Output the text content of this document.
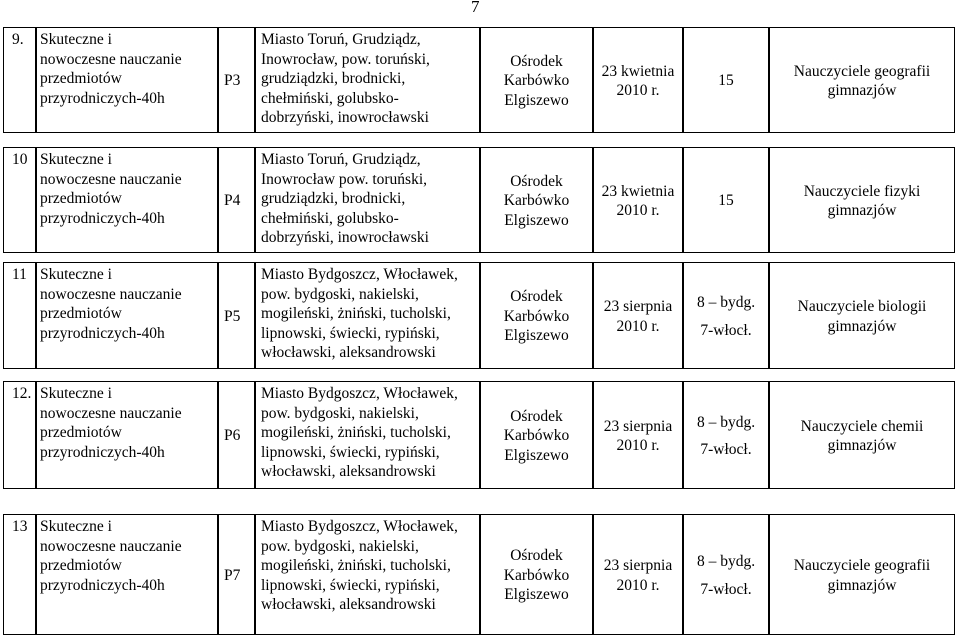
7
9. Skuteczne i
nowoczesne nauczanie
przedmiotów
przyrodniczych-40h
P3
Miasto Toruń, Grudziądz,
Inowrocław, pow. toruński,
grudziądzki, brodnicki,
chełmiński, golubsko-
dobrzyński, inowrocławski
Ośrodek
Karbówko
Elgiszewo
23 kwietnia
2010 r.
15
Nauczyciele geografii
gimnazjów
10 Skuteczne i
nowoczesne nauczanie
przedmiotów
przyrodniczych-40h
P4
Miasto Toruń, Grudziądz,
Inowrocław pow. toruński,
grudziądzki, brodnicki,
chełmiński, golubsko-
dobrzyński, inowrocławski
Ośrodek
Karbówko
Elgiszewo
23 kwietnia
2010 r.
15
Nauczyciele fizyki
gimnazjów
11 Skuteczne i
nowoczesne nauczanie
przedmiotów
przyrodniczych-40h
P5
Miasto Bydgoszcz, Włocławek,
pow. bydgoski, nakielski,
mogileński, żniński, tucholski,
lipnowski, świecki, rypiński,
włocławski, aleksandrowski
Ośrodek
Karbówko
Elgiszewo
23 sierpnia
2010 r.
8 – bydg.
7-włocł.
Nauczyciele biologii
gimnazjów
12. Skuteczne i
nowoczesne nauczanie
przedmiotów
przyrodniczych-40h
P6
Miasto Bydgoszcz, Włocławek,
pow. bydgoski, nakielski,
mogileński, żniński, tucholski,
lipnowski, świecki, rypiński,
włocławski, aleksandrowski
Ośrodek
Karbówko
Elgiszewo
23 sierpnia
2010 r.
8 – bydg.
7-włocł.
Nauczyciele chemii
gimnazjów
13 Skuteczne i
nowoczesne nauczanie
przedmiotów
przyrodniczych-40h
P7
Miasto Bydgoszcz, Włocławek,
pow. bydgoski, nakielski,
mogileński, żniński, tucholski,
lipnowski, świecki, rypiński,
włocławski, aleksandrowski
Ośrodek
Karbówko
Elgiszewo
23 sierpnia
2010 r.
8 – bydg.
7-włocł.
Nauczyciele geografii
gimnazjów
